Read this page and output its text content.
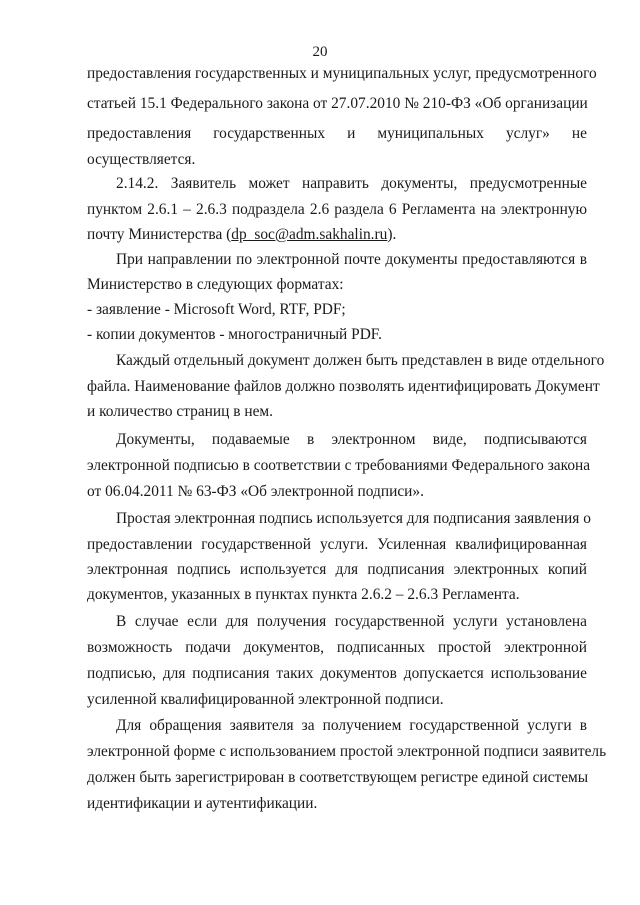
20
предоставления государственных и муниципальных услуг, предусмотренного
статьей 15.1 Федерального закона от 27.07.2010 № 210-ФЗ «Об организации
предоставления государственных и муниципальных услуг» не
осуществляется.
2.14.2. Заявитель может направить документы, предусмотренные
пунктом 2.6.1 – 2.6.3 подраздела 2.6 раздела 6 Регламента на электронную
почту Министерства (dp_soc@adm.sakhalin.ru).
При направлении по электронной почте документы предоставляются в
Министерство в следующих форматах:
- заявление - Microsoft Word, RTF, PDF;
- копии документов - многостраничный PDF.
Каждый отдельный документ должен быть представлен в виде отдельного
файла. Наименование файлов должно позволять идентифицировать Документ
и количество страниц в нем.
Документы, подаваемые в электронном виде, подписываются
электронной подписью в соответствии с требованиями Федерального закона
от 06.04.2011 № 63-ФЗ «Об электронной подписи».
Простая электронная подпись используется для подписания заявления о
предоставлении государственной услуги. Усиленная квалифицированная
электронная подпись используется для подписания электронных копий
документов, указанных в пунктах пункта 2.6.2 – 2.6.3 Регламента.
В случае если для получения государственной услуги установлена
возможность подачи документов, подписанных простой электронной
подписью, для подписания таких документов допускается использование
усиленной квалифицированной электронной подписи.
Для обращения заявителя за получением государственной услуги в
электронной форме с использованием простой электронной подписи заявитель
должен быть зарегистрирован в соответствующем регистре единой системы
идентификации и аутентификации.
